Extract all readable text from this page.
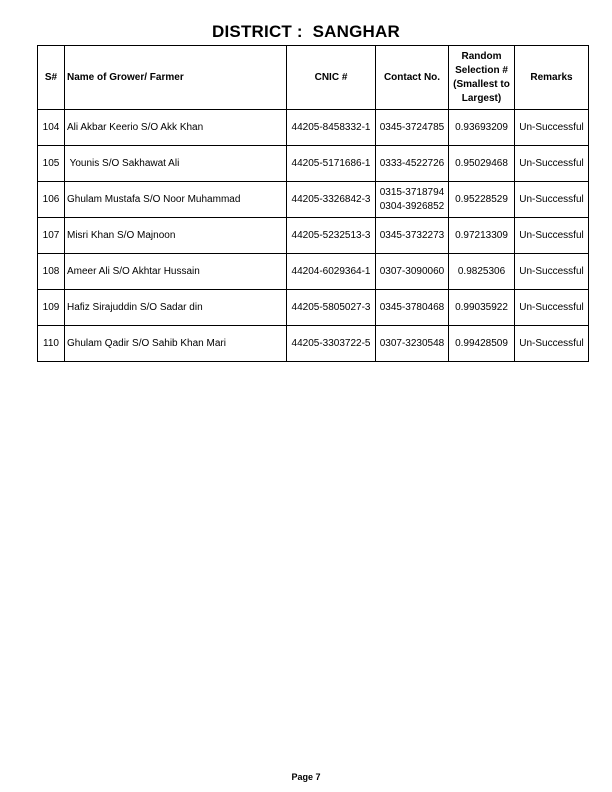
DISTRICT :  SANGHAR
S#	Name of Grower/ Farmer	CNIC #	Contact No.	Random Selection # (Smallest to Largest)	Remarks
104	Ali Akbar Keerio S/O Akk Khan	44205-8458332-1	0345-3724785	0.93693209	Un-Successful
105	Younis S/O Sakhawat Ali	44205-5171686-1	0333-4522726	0.95029468	Un-Successful
106	Ghulam Mustafa S/O Noor Muhammad	44205-3326842-3	0315-3718794
0304-3926852	0.95228529	Un-Successful
107	Misri Khan S/O Majnoon	44205-5232513-3	0345-3732273	0.97213309	Un-Successful
108	Ameer Ali S/O Akhtar Hussain	44204-6029364-1	0307-3090060	0.9825306	Un-Successful
109	Hafiz Sirajuddin S/O Sadar din	44205-5805027-3	0345-3780468	0.99035922	Un-Successful
110	Ghulam Qadir S/O Sahib Khan Mari	44205-3303722-5	0307-3230548	0.99428509	Un-Successful
Page 7
